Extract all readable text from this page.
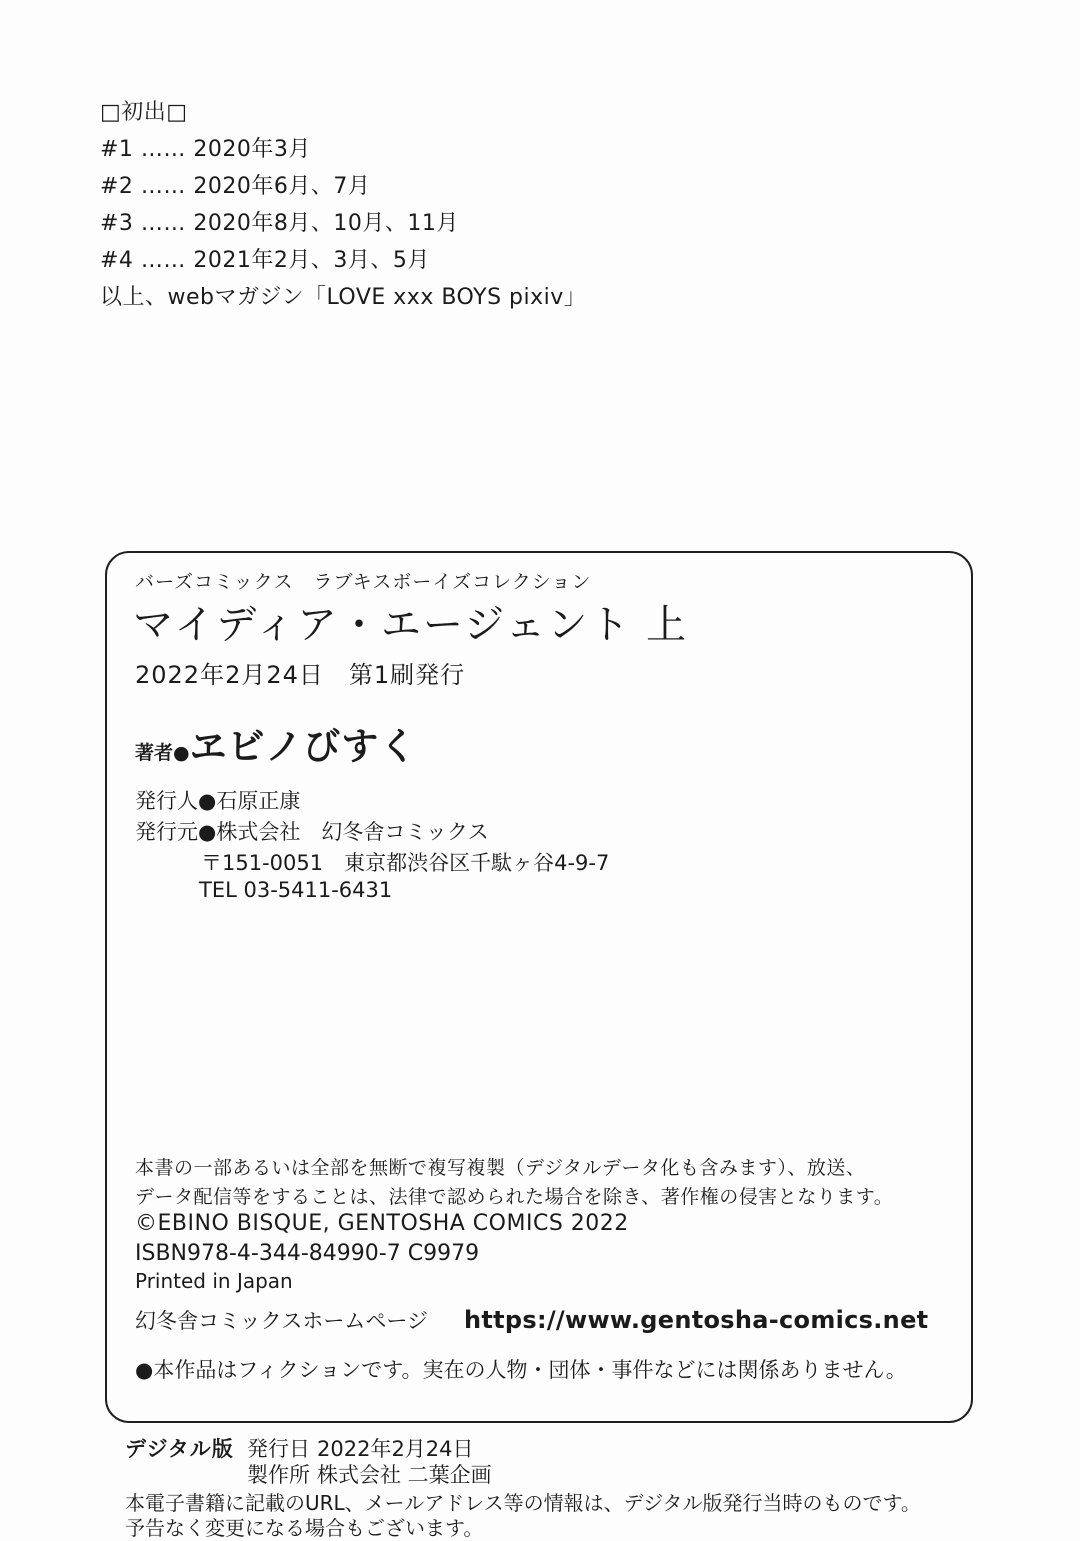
□初出□
#1 …… 2020年3月
#2 …… 2020年6月、7月
#3 …… 2020年8月、10月、11月
#4 …… 2021年2月、3月、5月
以上、webマガジン「LOVE xxx BOYS pixiv」
バーズコミックス　ラブキスボーイズコレクション
マイディア・エージェント 上
2022年2月24日　第1刷発行
著者●ヱビノびすく
発行人●石原正康
発行元●株式会社　幻冬舎コミックス
〒151-0051　東京都渋谷区千駄ヶ谷4-9-7
TEL 03-5411-6431
本書の一部あるいは全部を無断で複写複製（デジタルデータ化も含みます）、放送、
データ配信等をすることは、法律で認められた場合を除き、著作権の侵害となります。
©EBINO BISQUE, GENTOSHA COMICS 2022
ISBN978-4-344-84990-7 C9979
Printed in Japan
幻冬舎コミックスホームページ https://www.gentosha-comics.net
●本作品はフィクションです。実在の人物・団体・事件などには関係ありません。
デジタル版 発行日 2022年2月24日
製作所 株式会社 二葉企画
本電子書籍に記載のURL、メールアドレス等の情報は、デジタル版発行当時のものです。
予告なく変更になる場合もございます。
